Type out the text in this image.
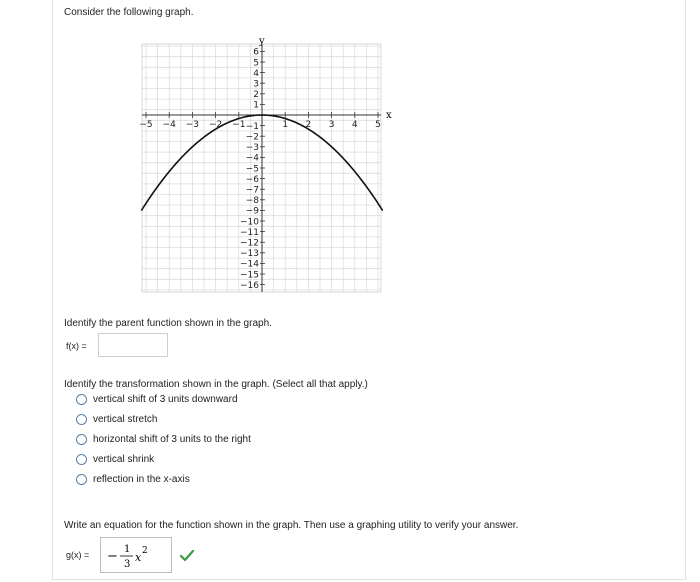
Consider the following graph.
−5 −4 −3 −2 −1	1 2 3 4 5
6
5
4
3
2
1
−1
−2
−3
−4
−5
−6
−7
−8
−9
−10
−11
−12
−13
−14
−15
−16
x
y
Identify the parent function shown in the graph.
f(x) =
Identify the transformation shown in the graph. (Select all that apply.)
vertical shift of 3 units downward
vertical stretch
horizontal shift of 3 units to the right
vertical shrink
reflection in the x-axis
Write an equation for the function shown in the graph. Then use a graphing utility to verify your answer.
g(x) = − 1
3
x 2
